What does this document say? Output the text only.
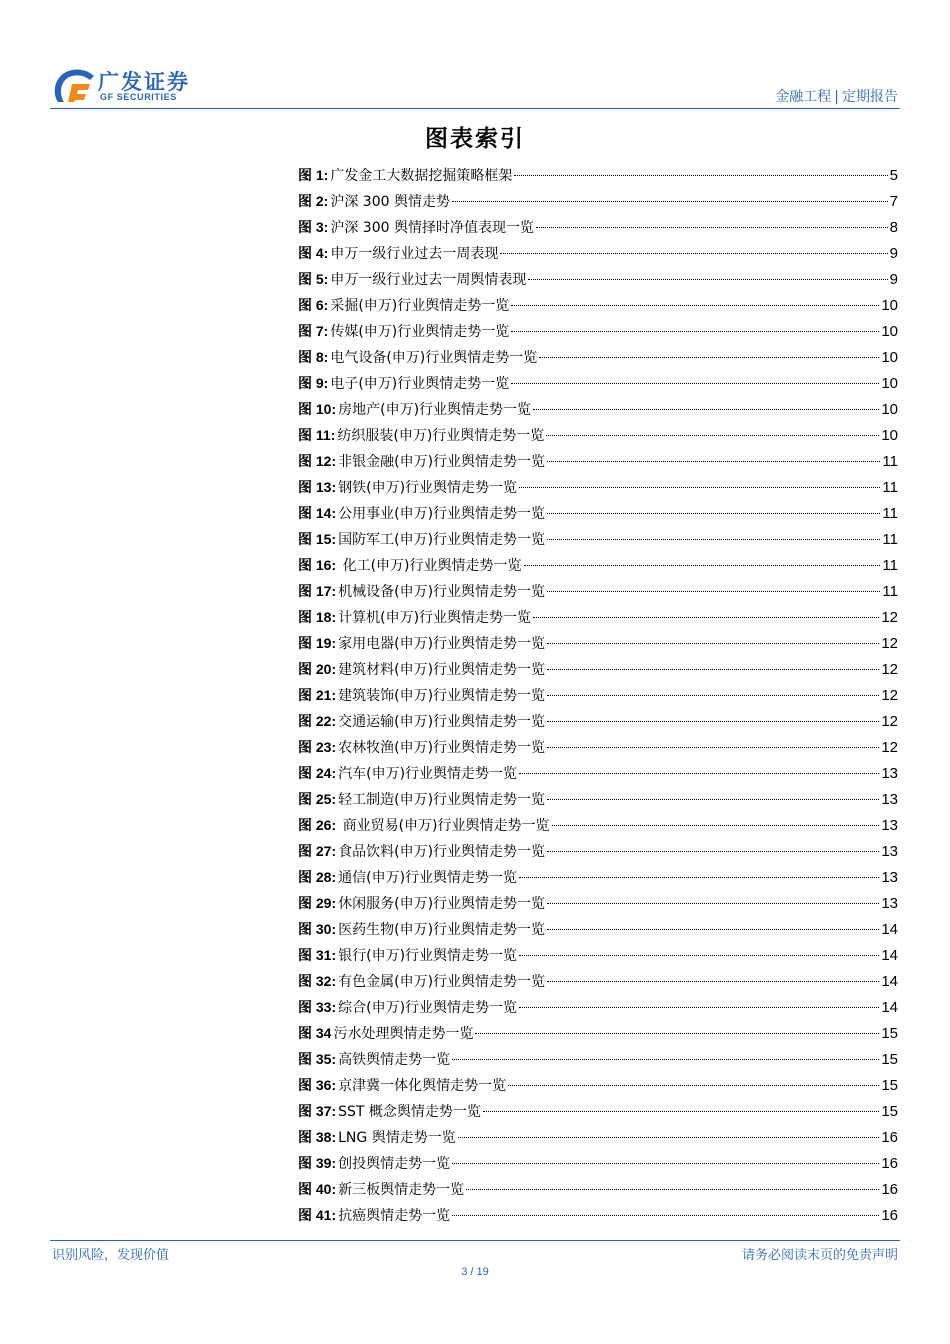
广发证券
GF SECURITIES	金融工程 | 定期报告
图表索引
图 1: 广发金工大数据挖掘策略框架	5
图 2: 沪深 300 舆情走势	7
图 3: 沪深 300 舆情择时净值表现一览	8
图 4: 申万一级行业过去一周表现	9
图 5: 申万一级行业过去一周舆情表现	9
图 6: 采掘(申万)行业舆情走势一览	10
图 7: 传媒(申万)行业舆情走势一览	10
图 8: 电气设备(申万)行业舆情走势一览	10
图 9: 电子(申万)行业舆情走势一览	10
图 10: 房地产(申万)行业舆情走势一览	10
图 11: 纺织服装(申万)行业舆情走势一览	10
图 12: 非银金融(申万)行业舆情走势一览	11
图 13: 钢铁(申万)行业舆情走势一览	11
图 14: 公用事业(申万)行业舆情走势一览	11
图 15: 国防军工(申万)行业舆情走势一览	11
图 16: 化工(申万)行业舆情走势一览	11
图 17: 机械设备(申万)行业舆情走势一览	11
图 18: 计算机(申万)行业舆情走势一览	12
图 19: 家用电器(申万)行业舆情走势一览	12
图 20: 建筑材料(申万)行业舆情走势一览	12
图 21: 建筑装饰(申万)行业舆情走势一览	12
图 22: 交通运输(申万)行业舆情走势一览	12
图 23: 农林牧渔(申万)行业舆情走势一览	12
图 24: 汽车(申万)行业舆情走势一览	13
图 25: 轻工制造(申万)行业舆情走势一览	13
图 26: 商业贸易(申万)行业舆情走势一览	13
图 27: 食品饮料(申万)行业舆情走势一览	13
图 28: 通信(申万)行业舆情走势一览	13
图 29: 休闲服务(申万)行业舆情走势一览	13
图 30: 医药生物(申万)行业舆情走势一览	14
图 31: 银行(申万)行业舆情走势一览	14
图 32: 有色金属(申万)行业舆情走势一览	14
图 33: 综合(申万)行业舆情走势一览	14
图 34 污水处理舆情走势一览	15
图 35: 高铁舆情走势一览	15
图 36: 京津冀一体化舆情走势一览	15
图 37: SST 概念舆情走势一览	15
图 38: LNG 舆情走势一览	16
图 39: 创投舆情走势一览	16
图 40: 新三板舆情走势一览	16
图 41: 抗癌舆情走势一览	16
识别风险，发现价值	请务必阅读末页的免责声明
3 / 19
